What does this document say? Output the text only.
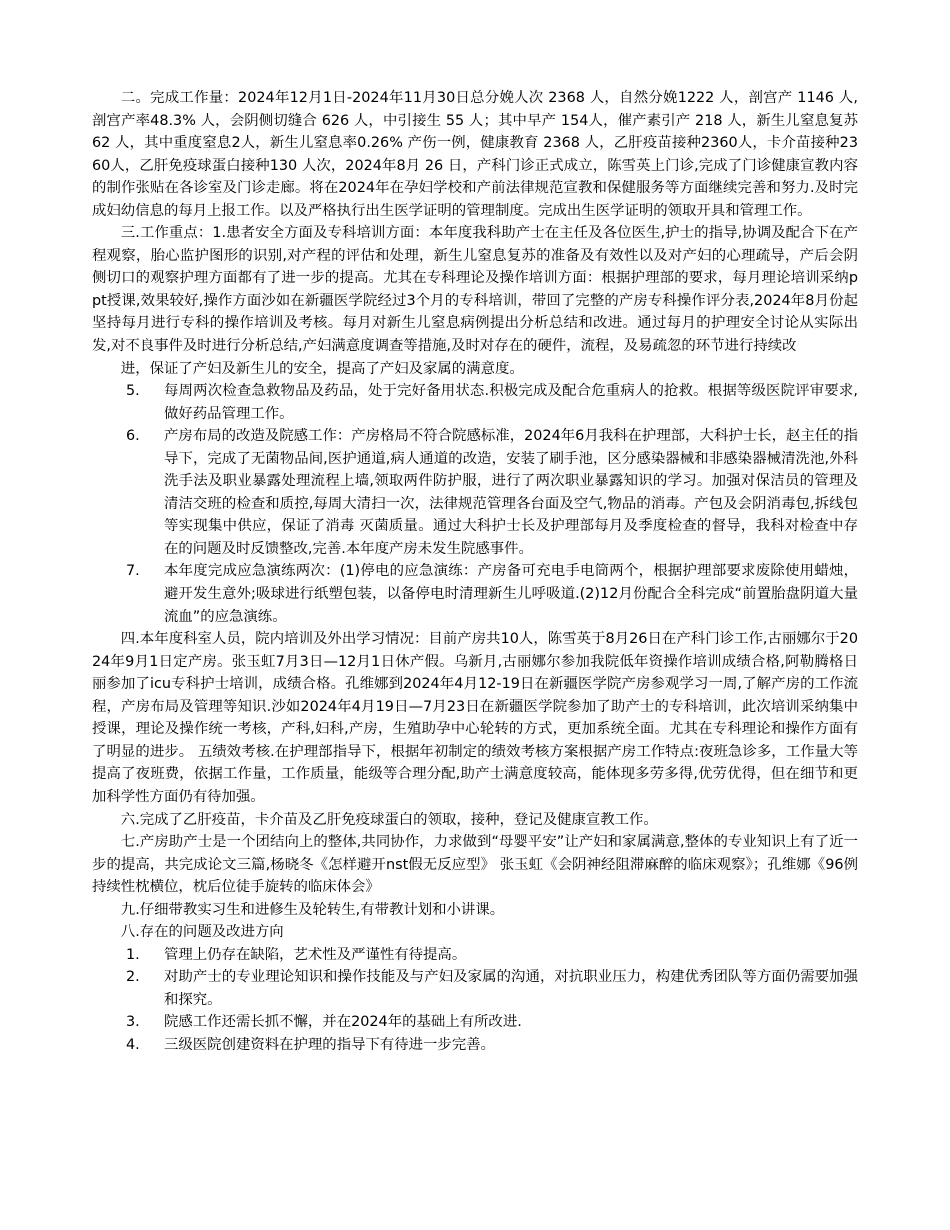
二。完成工作量：2024年12月1日-2024年11月30日总分娩人次 2368 人，自然分娩1222 人，剖宫产 1146 人,剖宫产率48.3% 人，会阴侧切缝合 626 人，中引接生 55 人；其中早产 154人，催产素引产 218 人，新生儿窒息复苏 62 人，其中重度窒息2人，新生儿窒息率0.26% 产伤一例，健康教育 2368 人，乙肝疫苗接种2360人，卡介苗接种2360人，乙肝免疫球蛋白接种130 人次，2024年8月 26 日，产科门诊正式成立，陈雪英上门诊,完成了门诊健康宣教内容的制作张贴在各诊室及门诊走廊。将在2024年在孕妇学校和产前法律规范宣教和保健服务等方面继续完善和努力.及时完成妇幼信息的每月上报工作。以及严格执行出生医学证明的管理制度。完成出生医学证明的领取开具和管理工作。

三.工作重点：1.患者安全方面及专科培训方面：本年度我科助产士在主任及各位医生,护士的指导,协调及配合下在产程观察，胎心监护图形的识别,对产程的评估和处理，新生儿窒息复苏的准备及有效性以及对产妇的心理疏导，产后会阴侧切口的观察护理方面都有了进一步的提高。尤其在专科理论及操作培训方面：根据护理部的要求，每月理论培训采纳ppt授课,效果较好,操作方面沙如在新疆医学院经过3个月的专科培训，带回了完整的产房专科操作评分表,2024年8月份起坚持每月进行专科的操作培训及考核。每月对新生儿窒息病例提出分析总结和改进。通过每月的护理安全讨论从实际出发,对不良事件及时进行分析总结,产妇满意度调查等措施,及时对存在的硬件，流程，及易疏忽的环节进行持续改

进，保证了产妇及新生儿的安全，提高了产妇及家属的满意度。

5. 每周两次检查急救物品及药品，处于完好备用状态.积极完成及配合危重病人的抢救。根据等级医院评审要求,做好药品管理工作。
6. 产房布局的改造及院感工作：产房格局不符合院感标准，2024年6月我科在护理部，大科护士长，赵主任的指导下，完成了无菌物品间,医护通道,病人通道的改造，安装了刷手池，区分感染器械和非感染器械清洗池,外科洗手法及职业暴露处理流程上墙,领取两件防护服，进行了两次职业暴露知识的学习。加强对保洁员的管理及清洁交班的检查和质控,每周大清扫一次，法律规范管理各台面及空气,物品的消毒。产包及会阴消毒包,拆线包等实现集中供应，保证了消毒 灭菌质量。通过大科护士长及护理部每月及季度检查的督导，我科对检查中存在的问题及时反馈整改,完善.本年度产房未发生院感事件。
7. 本年度完成应急演练两次：(1)停电的应急演练：产房备可充电手电筒两个，根据护理部要求废除使用蜡烛，避开发生意外;吸球进行纸塑包装，以备停电时清理新生儿呼吸道.(2)12月份配合全科完成“前置胎盘阴道大量流血”的应急演练。

四.本年度科室人员，院内培训及外出学习情况：目前产房共10人，陈雪英于8月26日在产科门诊工作,古丽娜尔于2024年9月1日定产房。张玉虹7月3日—12月1日休产假。乌新月,古丽娜尔参加我院低年资操作培训成绩合格,阿勒腾格日丽参加了icu专科护士培训，成绩合格。孔维娜到2024年4月12-19日在新疆医学院产房参观学习一周,了解产房的工作流程，产房布局及管理等知识.沙如2024年4月19日—7月23日在新疆医学院参加了助产士的专科培训，此次培训采纳集中授课，理论及操作统一考核，产科,妇科,产房，生殖助孕中心轮转的方式，更加系统全面。尤其在专科理论和操作方面有了明显的进步。 五绩效考核.在护理部指导下，根据年初制定的绩效考核方案根据产房工作特点:夜班急诊多，工作量大等提高了夜班费，依据工作量，工作质量，能级等合理分配,助产士满意度较高，能体现多劳多得,优劳优得，但在细节和更加科学性方面仍有待加强。

六.完成了乙肝疫苗，卡介苗及乙肝免疫球蛋白的领取，接种，登记及健康宣教工作。

七.产房助产士是一个团结向上的整体,共同协作，力求做到“母婴平安”让产妇和家属满意,整体的专业知识上有了近一步的提高，共完成论文三篇,杨晓冬《怎样避开nst假无反应型》 张玉虹《会阴神经阻滞麻醉的临床观察》；孔维娜《96例持续性枕横位，枕后位徒手旋转的临床体会》

九.仔细带教实习生和进修生及轮转生,有带教计划和小讲课。

八.存在的问题及改进方向

1. 管理上仍存在缺陷，艺术性及严谨性有待提高。
2. 对助产士的专业理论知识和操作技能及与产妇及家属的沟通，对抗职业压力，构建优秀团队等方面仍需要加强和探究。
3. 院感工作还需长抓不懈，并在2024年的基础上有所改进.
4. 三级医院创建资料在护理的指导下有待进一步完善。
